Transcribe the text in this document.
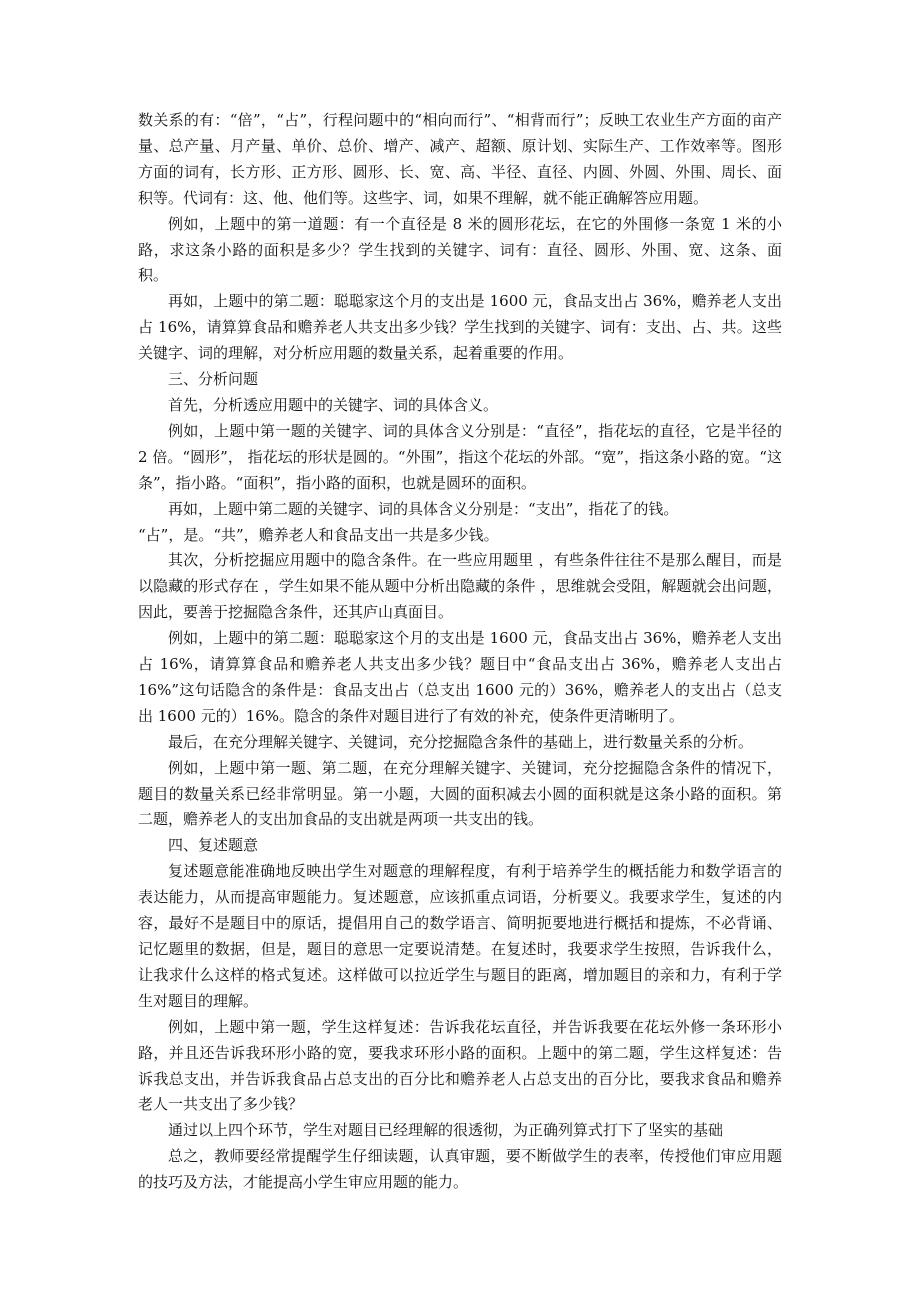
数关系的有：“倍”，“占”，行程问题中的“相向而行”、“相背而行”；反映工农业生产方面的亩产量、总产量、月产量、单价、总价、增产、减产、超额、原计划、实际生产、工作效率等。图形方面的词有，长方形、正方形、圆形、长、宽、高、半径、直径、内圆、外圆、外围、周长、面积等。代词有：这、他、他们等。这些字、词，如果不理解，就不能正确解答应用题。

例如，上题中的第一道题：有一个直径是 8 米的圆形花坛，在它的外围修一条宽 1 米的小路，求这条小路的面积是多少？学生找到的关键字、词有：直径、圆形、外围、宽、这条、面积。

再如，上题中的第二题：聪聪家这个月的支出是 1600 元，食品支出占 36%，赡养老人支出占 16%，请算算食品和赡养老人共支出多少钱？学生找到的关键字、词有：支出、占、共。这些关键字、词的理解，对分析应用题的数量关系，起着重要的作用。

三、分析问题

首先，分析透应用题中的关键字、词的具体含义。

例如，上题中第一题的关键字、词的具体含义分别是：“直径”，指花坛的直径，它是半径的 2 倍。“圆形”， 指花坛的形状是圆的。“外围”，指这个花坛的外部。“宽”，指这条小路的宽。“这条”，指小路。“面积”，指小路的面积，也就是圆环的面积。

再如，上题中第二题的关键字、词的具体含义分别是：“支出”，指花了的钱。

“占”，是。“共”，赡养老人和食品支出一共是多少钱。

其次，分析挖掘应用题中的隐含条件。在一些应用题里 ，有些条件往往不是那么醒目，而是以隐藏的形式存在 ，学生如果不能从题中分析出隐藏的条件 ，思维就会受阻，解题就会出问题，因此，要善于挖掘隐含条件，还其庐山真面目。

例如，上题中的第二题：聪聪家这个月的支出是 1600 元，食品支出占 36%，赡养老人支出占 16%，请算算食品和赡养老人共支出多少钱？题目中“食品支出占 36%，赡养老人支出占 16%”这句话隐含的条件是：食品支出占（总支出 1600 元的）36%，赡养老人的支出占（总支出 1600 元的）16%。隐含的条件对题目进行了有效的补充，使条件更清晰明了。

最后，在充分理解关键字、关键词，充分挖掘隐含条件的基础上，进行数量关系的分析。

例如，上题中第一题、第二题，在充分理解关键字、关键词，充分挖掘隐含条件的情况下，题目的数量关系已经非常明显。第一小题，大圆的面积减去小圆的面积就是这条小路的面积。第二题，赡养老人的支出加食品的支出就是两项一共支出的钱。

四、复述题意

复述题意能准确地反映出学生对题意的理解程度，有利于培养学生的概括能力和数学语言的表达能力，从而提高审题能力。复述题意，应该抓重点词语，分析要义。我要求学生，复述的内容，最好不是题目中的原话，提倡用自己的数学语言、简明扼要地进行概括和提炼，不必背诵、记忆题里的数据，但是，题目的意思一定要说清楚。在复述时，我要求学生按照，告诉我什么，让我求什么这样的格式复述。这样做可以拉近学生与题目的距离，增加题目的亲和力，有利于学生对题目的理解。

例如，上题中第一题，学生这样复述：告诉我花坛直径，并告诉我要在花坛外修一条环形小路，并且还告诉我环形小路的宽，要我求环形小路的面积。上题中的第二题，学生这样复述：告诉我总支出，并告诉我食品占总支出的百分比和赡养老人占总支出的百分比，要我求食品和赡养老人一共支出了多少钱？

通过以上四个环节，学生对题目已经理解的很透彻，为正确列算式打下了坚实的基础

总之，教师要经常提醒学生仔细读题，认真审题，要不断做学生的表率，传授他们审应用题的技巧及方法，才能提高小学生审应用题的能力。
